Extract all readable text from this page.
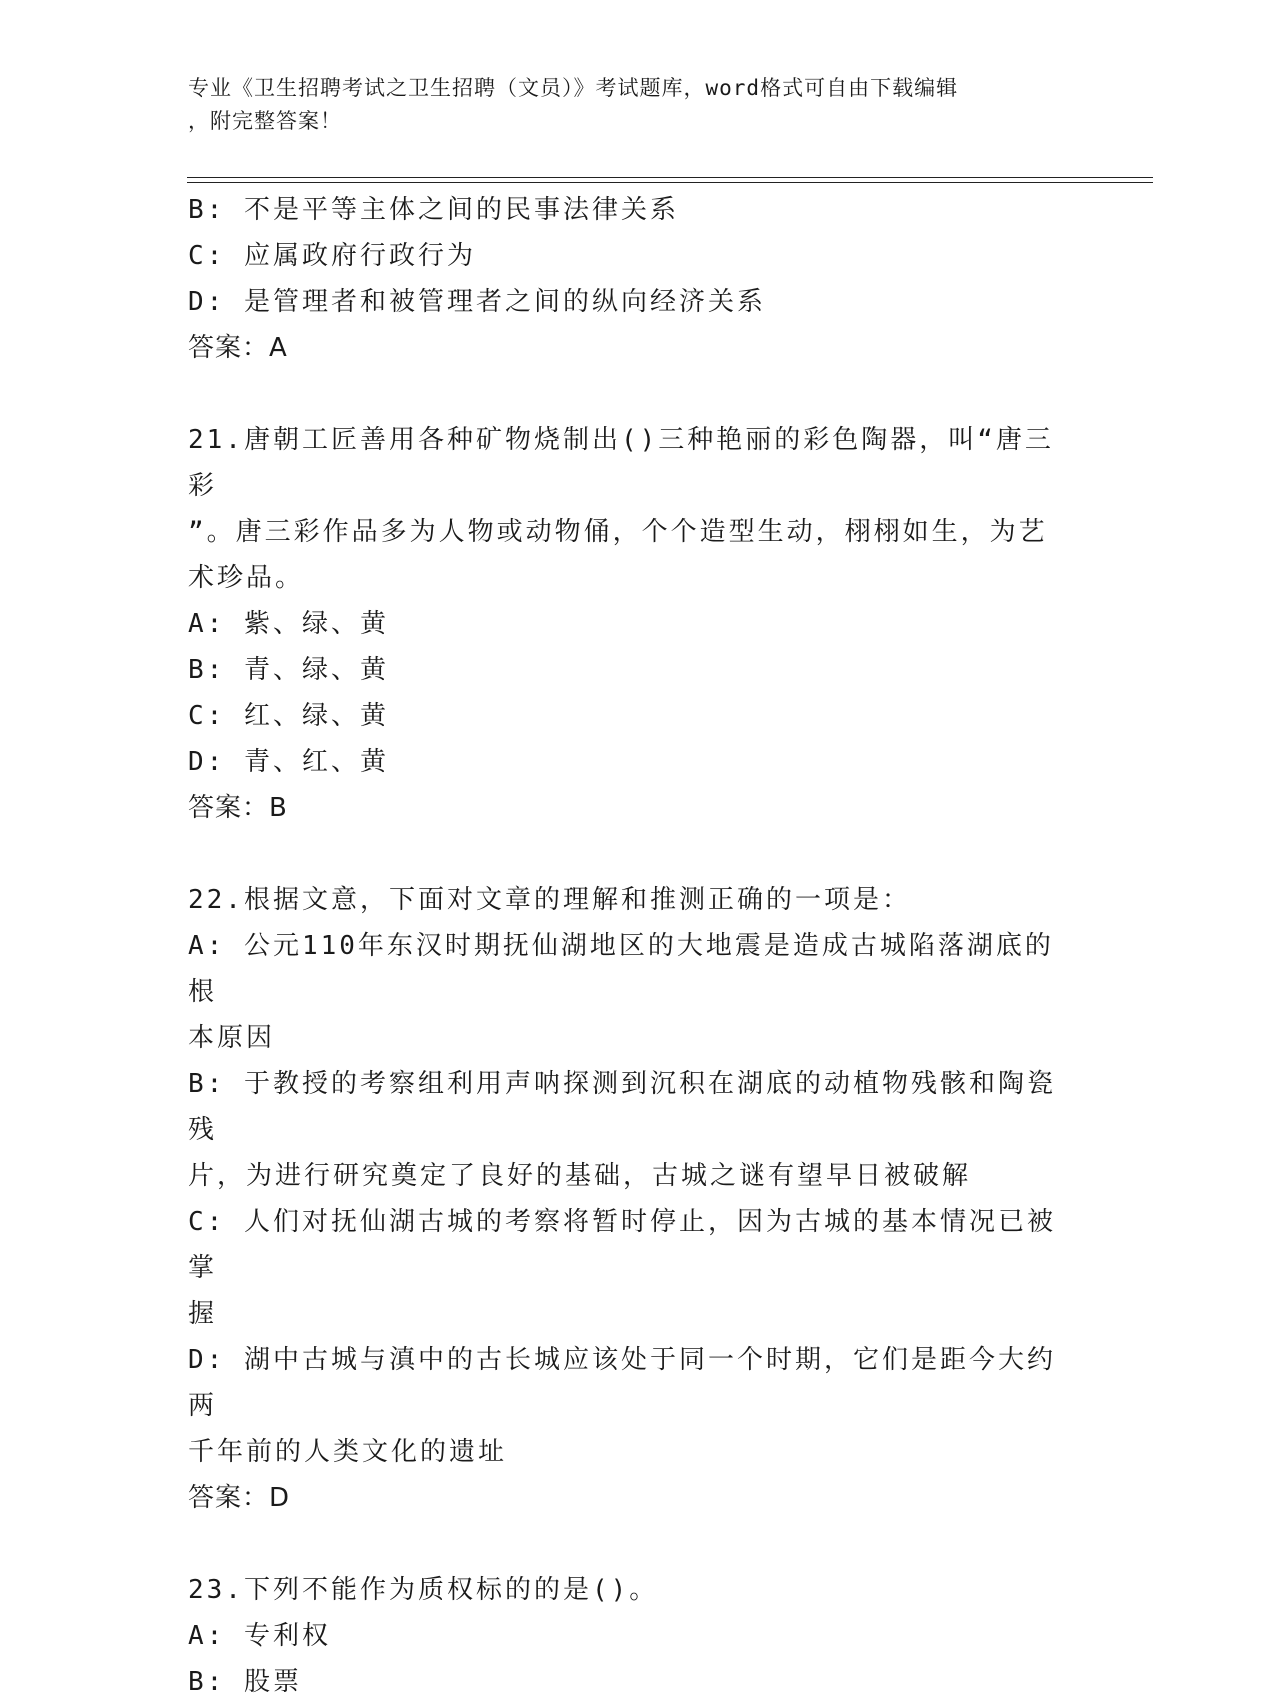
专业《卫生招聘考试之卫生招聘（文员）》考试题库，word格式可自由下载编辑
，附完整答案！
B: 不是平等主体之间的民事法律关系
C: 应属政府行政行为
D: 是管理者和被管理者之间的纵向经济关系
答案：A
21.唐朝工匠善用各种矿物烧制出()三种艳丽的彩色陶器，叫“唐三彩
”。唐三彩作品多为人物或动物俑，个个造型生动，栩栩如生，为艺
术珍品。
A: 紫、绿、黄
B: 青、绿、黄
C: 红、绿、黄
D: 青、红、黄
答案：B
22.根据文意，下面对文章的理解和推测正确的一项是：
A: 公元110年东汉时期抚仙湖地区的大地震是造成古城陷落湖底的根
本原因
B: 于教授的考察组利用声呐探测到沉积在湖底的动植物残骸和陶瓷残
片，为进行研究奠定了良好的基础，古城之谜有望早日被破解
C: 人们对抚仙湖古城的考察将暂时停止，因为古城的基本情况已被掌
握
D: 湖中古城与滇中的古长城应该处于同一个时期，它们是距今大约两
千年前的人类文化的遗址
答案：D
23.下列不能作为质权标的的是()。
A: 专利权
B: 股票
